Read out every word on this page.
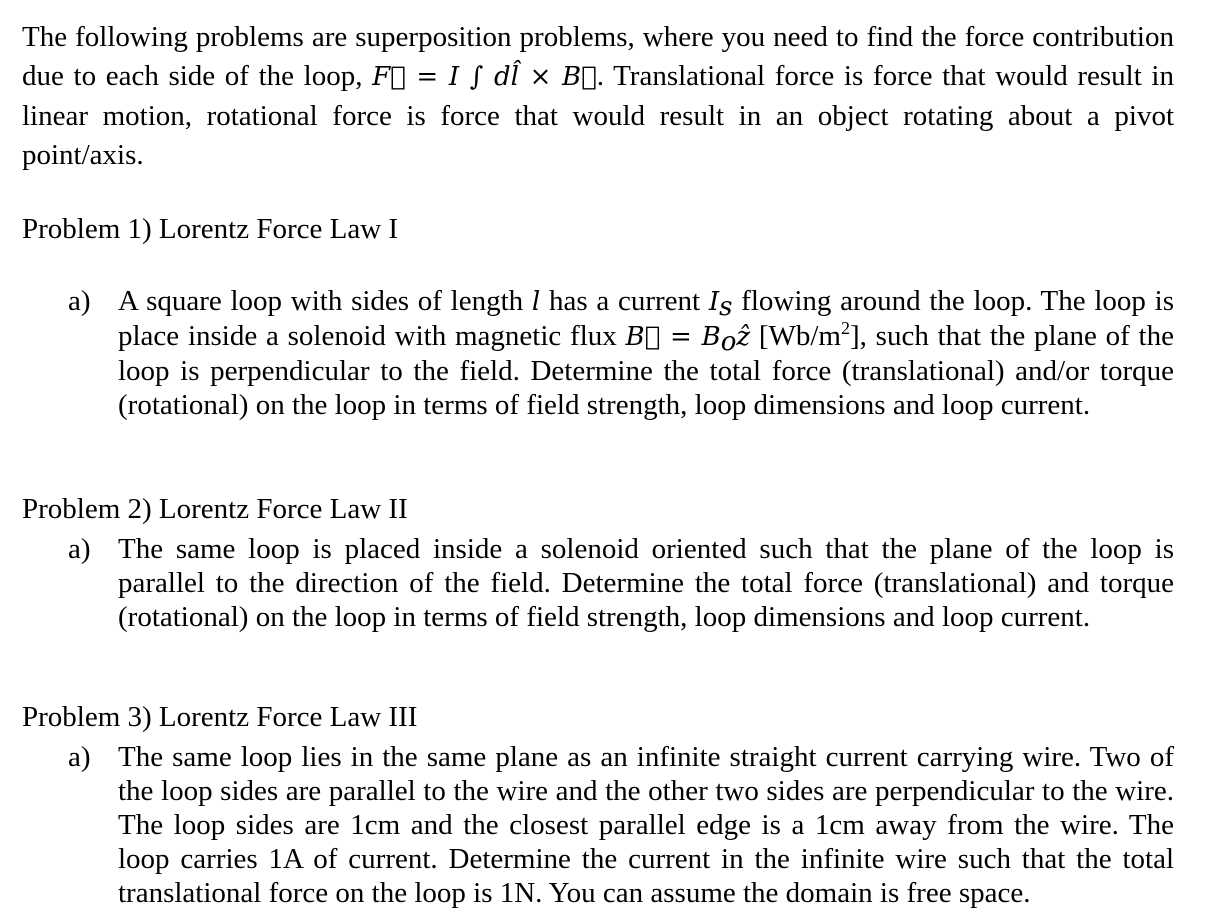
The following problems are superposition problems, where you need to find the force contribution due to each side of the loop, F⃗ = I ∫ dl̂ × B⃗. Translational force is force that would result in linear motion, rotational force is force that would result in an object rotating about a pivot point/axis.
Problem 1) Lorentz Force Law I
a) A square loop with sides of length l has a current $I_s$ flowing around the loop. The loop is place inside a solenoid with magnetic flux B⃗ = $B_oẑ$ $[Wb/m^2]$, such that the plane of the loop is perpendicular to the field. Determine the total force (translational) and/or torque (rotational) on the loop in terms of field strength, loop dimensions and loop current.
Problem 2) Lorentz Force Law II
a) The same loop is placed inside a solenoid oriented such that the plane of the loop is parallel to the direction of the field. Determine the total force (translational) and torque (rotational) on the loop in terms of field strength, loop dimensions and loop current.
Problem 3) Lorentz Force Law III
a) The same loop lies in the same plane as an infinite straight current carrying wire. Two of the loop sides are parallel to the wire and the other two sides are perpendicular to the wire. The loop sides are 1cm and the closest parallel edge is a 1cm away from the wire. The loop carries 1A of current. Determine the current in the infinite wire such that the total translational force on the loop is 1N. You can assume the domain is free space.
